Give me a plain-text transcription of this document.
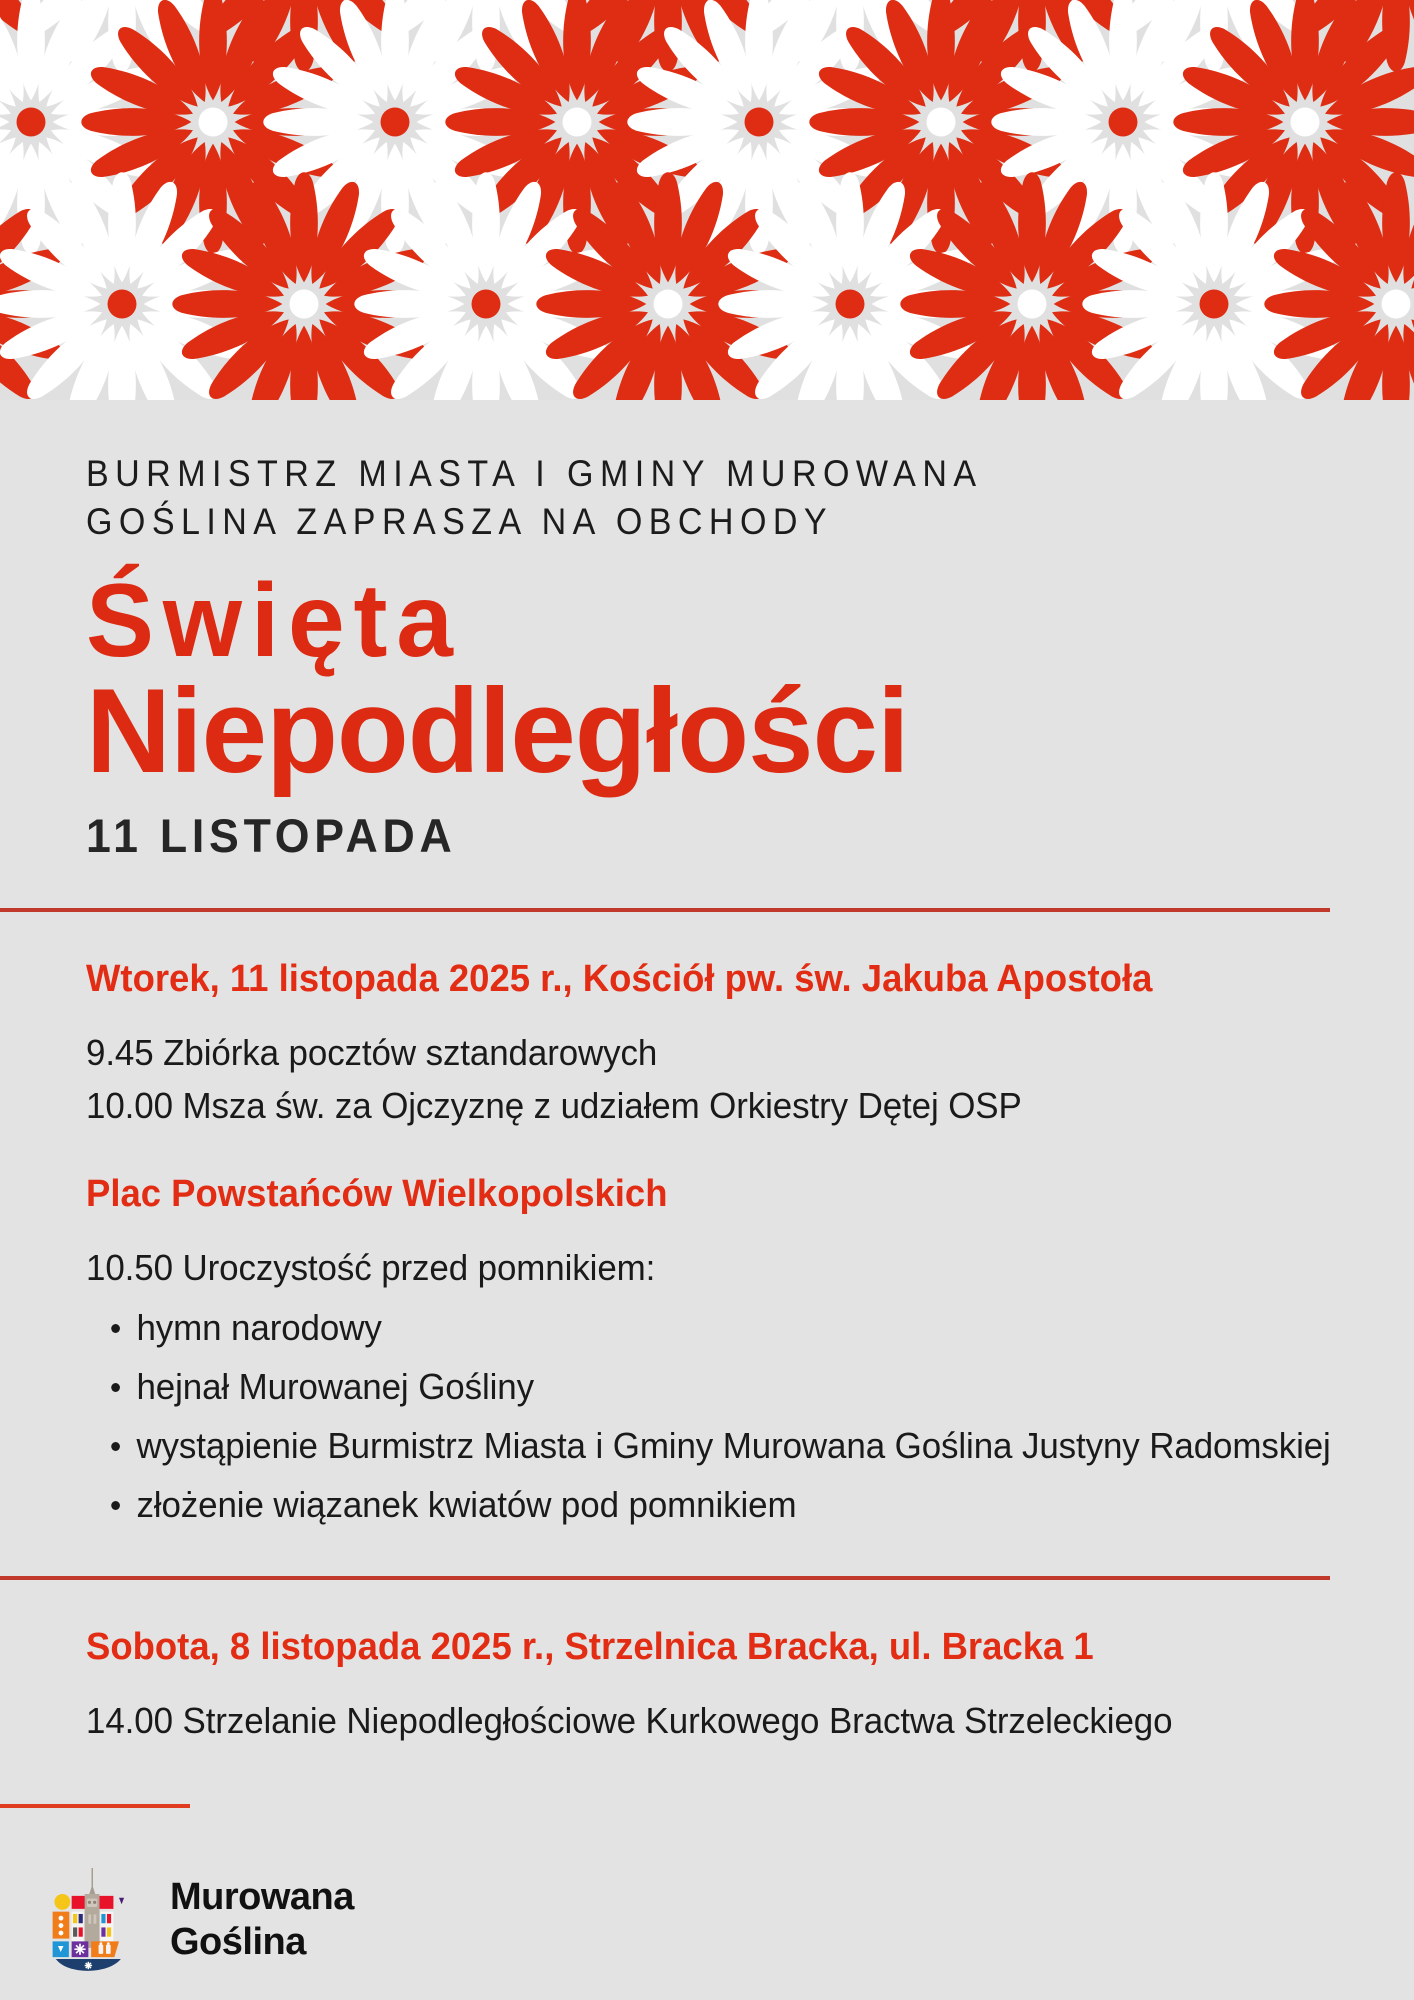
BURMISTRZ MIASTA I GMINY MUROWANA GOŚLINA ZAPRASZA NA OBCHODY
Święta
Niepodległości
11 LISTOPADA
Wtorek, 11 listopada 2025 r., Kościół pw. św. Jakuba Apostoła
9.45 Zbiórka pocztów sztandarowych
10.00 Msza św. za Ojczyznę z udziałem Orkiestry Dętej OSP
Plac Powstańców Wielkopolskich
10.50 Uroczystość przed pomnikiem:
hymn narodowy
hejnał Murowanej Gośliny
wystąpienie Burmistrz Miasta i Gminy Murowana Goślina Justyny Radomskiej
złożenie wiązanek kwiatów pod pomnikiem
Sobota, 8 listopada 2025 r., Strzelnica Bracka, ul. Bracka 1
14.00 Strzelanie Niepodległościowe Kurkowego Bractwa Strzeleckiego
Murowana
Goślina
